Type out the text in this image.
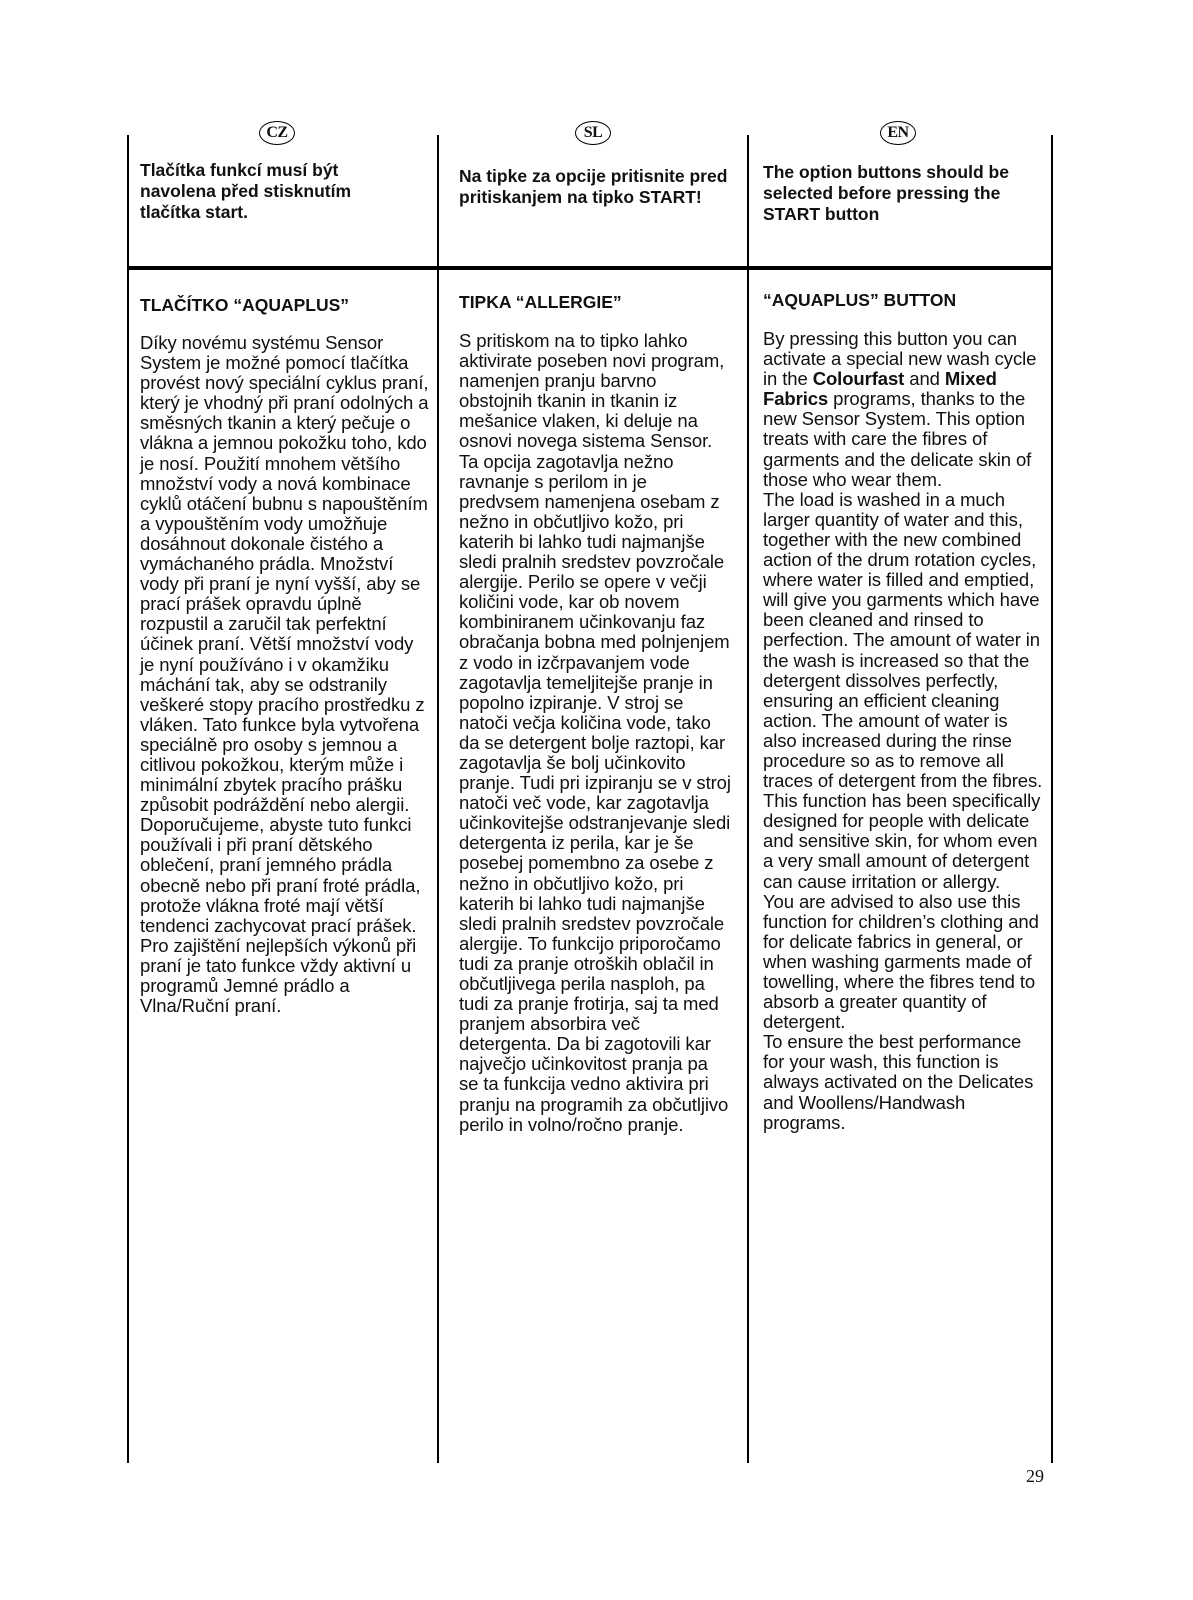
CZ	SL	EN
Tlačítka funkcí musí být navolena před stisknutím tlačítka start.
Na tipke za opcije pritisnite pred pritiskanjem na tipko START!
The option buttons should be selected before pressing the START button
TLAČÍTKO “AQUAPLUS”	TIPKA “ALLERGIE”	“AQUAPLUS” BUTTON
Díky novému systému Sensor System je možné pomocí tlačítka provést nový speciální cyklus praní, který je vhodný při praní odolných a směsných tkanin a který pečuje o vlákna a jemnou pokožku toho, kdo je nosí. Použití mnohem většího množství vody a nová kombinace cyklů otáčení bubnu s napouštěním a vypouštěním vody umožňuje dosáhnout dokonale čistého a vymáchaného prádla. Množství vody při praní je nyní vyšší, aby se prací prášek opravdu úplně rozpustil a zaručil tak perfektní účinek praní. Větší množství vody je nyní používáno i v okamžiku máchání tak, aby se odstranily veškeré stopy pracího prostředku z vláken. Tato funkce byla vytvořena speciálně pro osoby s jemnou a citlivou pokožkou, kterým může i minimální zbytek pracího prášku způsobit podráždění nebo alergii. Doporučujeme, abyste tuto funkci používali i při praní dětského oblečení, praní jemného prádla obecně nebo při praní froté prádla, protože vlákna froté mají větší tendenci zachycovat prací prášek. Pro zajištění nejlepších výkonů při praní je tato funkce vždy aktivní u programů Jemné prádlo a Vlna/Ruční praní.
S pritiskom na to tipko lahko aktivirate poseben novi program, namenjen pranju barvno obstojnih tkanin in tkanin iz mešanice vlaken, ki deluje na osnovi novega sistema Sensor. Ta opcija zagotavlja nežno ravnanje s perilom in je predvsem namenjena osebam z nežno in občutljivo kožo, pri katerih bi lahko tudi najmanjše sledi pralnih sredstev povzročale alergije. Perilo se opere v večji količini vode, kar ob novem kombiniranem učinkovanju faz obračanja bobna med polnjenjem z vodo in izčrpavanjem vode zagotavlja temeljitejše pranje in popolno izpiranje. V stroj se natoči večja količina vode, tako da se detergent bolje raztopi, kar zagotavlja še bolj učinkovito pranje. Tudi pri izpiranju se v stroj natoči več vode, kar zagotavlja učinkovitejše odstranjevanje sledi detergenta iz perila, kar je še posebej pomembno za osebe z nežno in občutljivo kožo, pri katerih bi lahko tudi najmanjše sledi pralnih sredstev povzročale alergije. To funkcijo priporočamo tudi za pranje otroških oblačil in občutljivega perila nasploh, pa tudi za pranje frotirja, saj ta med pranjem absorbira več detergenta. Da bi zagotovili kar največjo učinkovitost pranja pa se ta funkcija vedno aktivira pri pranju na programih za občutljivo perilo in volno/ročno pranje.
By pressing this button you can activate a special new wash cycle in the Colourfast and Mixed Fabrics programs, thanks to the new Sensor System. This option treats with care the fibres of garments and the delicate skin of those who wear them.
The load is washed in a much larger quantity of water and this, together with the new combined action of the drum rotation cycles, where water is filled and emptied, will give you garments which have been cleaned and rinsed to perfection. The amount of water in the wash is increased so that the detergent dissolves perfectly, ensuring an efficient cleaning action. The amount of water is also increased during the rinse procedure so as to remove all traces of detergent from the fibres.
This function has been specifically designed for people with delicate and sensitive skin, for whom even a very small amount of detergent can cause irritation or allergy.
You are advised to also use this function for children’s clothing and for delicate fabrics in general, or when washing garments made of towelling, where the fibres tend to absorb a greater quantity of detergent.
To ensure the best performance for your wash, this function is always activated on the Delicates and Woollens/Handwash programs.
29
